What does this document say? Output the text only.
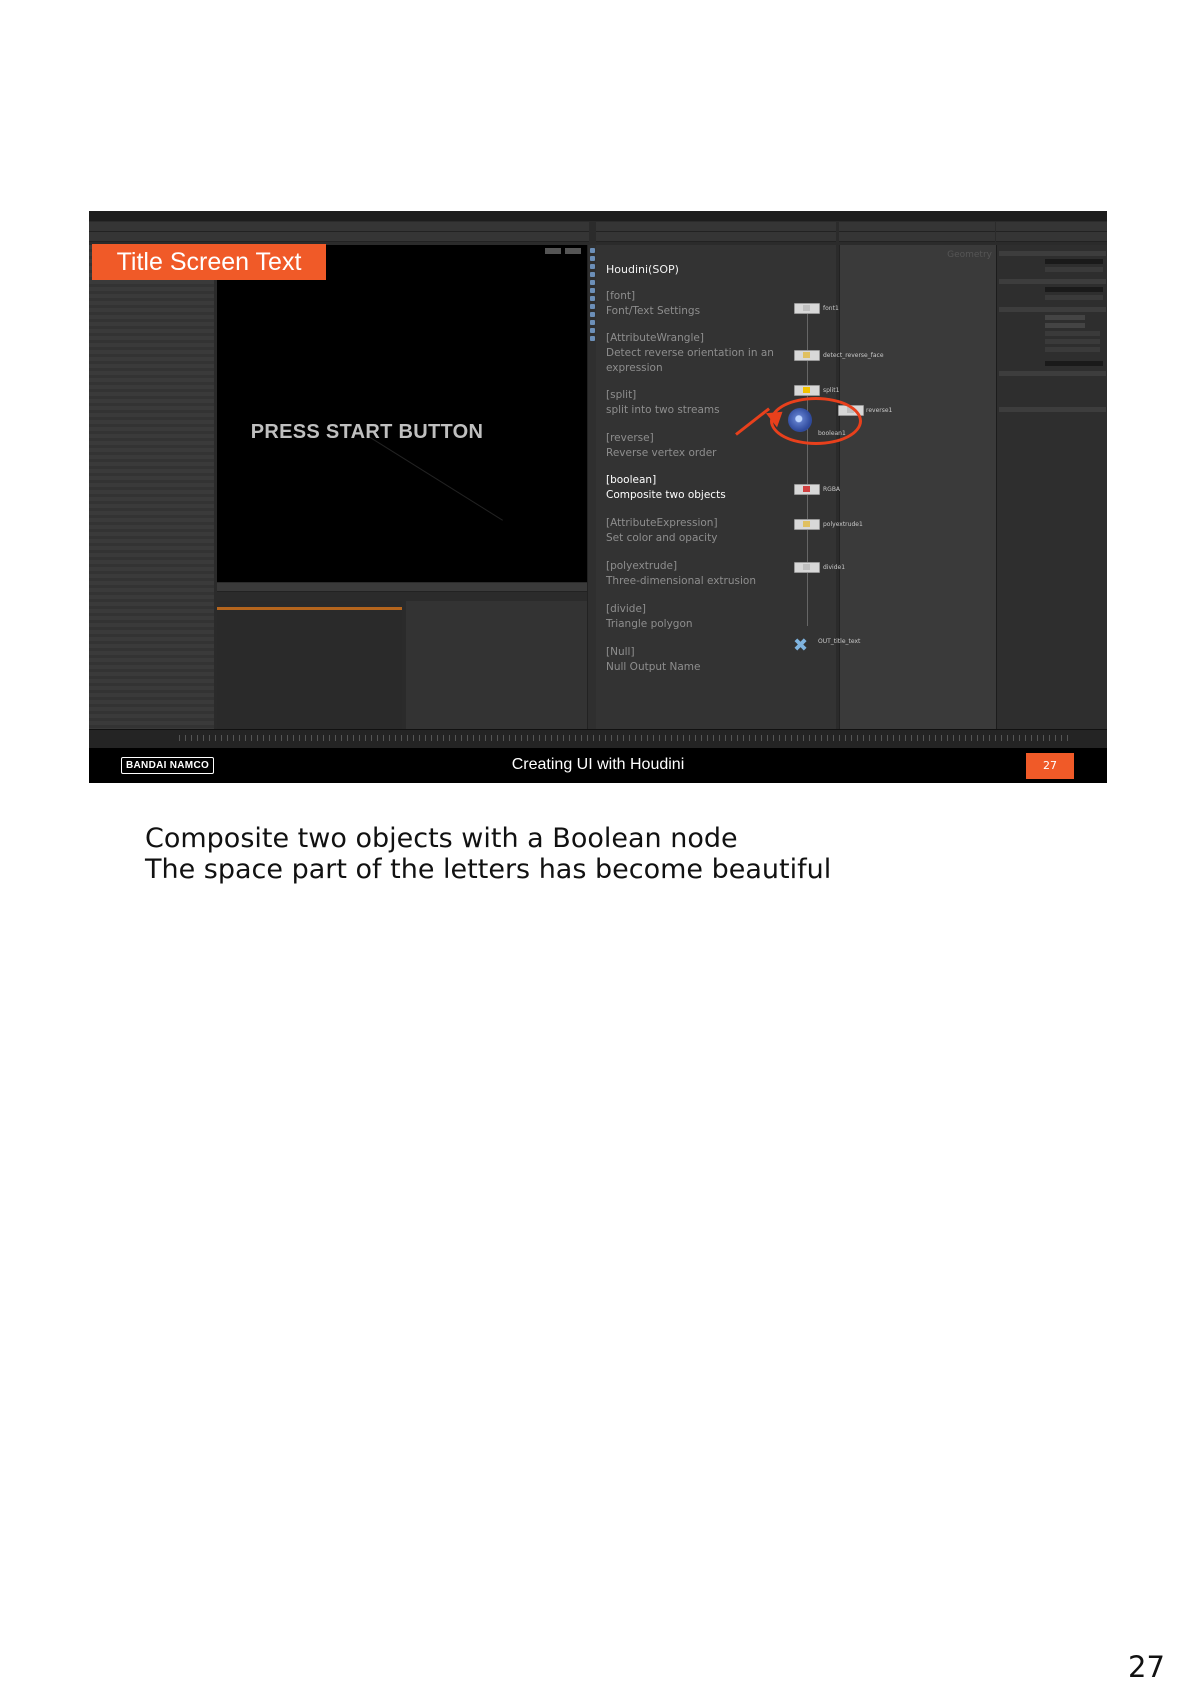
PRESS START BUTTON
Houdini(SOP)
[font]
Font/Text Settings
[AttributeWrangle]
Detect reverse orientation in an expression
[split]
split into two streams
[reverse]
Reverse vertex order
[boolean]
Composite two objects
[AttributeExpression]
Set color and opacity
[polyextrude]
Three-dimensional extrusion
[divide]
Triangle polygon
[Null]
Null Output Name
Geometry
font1
detect_reverse_face
split1
reverse1
boolean1
RGBA
polyextrude1
divide1
✖ OUT_title_text
Title Screen Text
BANDAI NAMCO	Creating UI with Houdini	27
Composite two objects with a Boolean node
The space part of the letters has become beautiful
27
